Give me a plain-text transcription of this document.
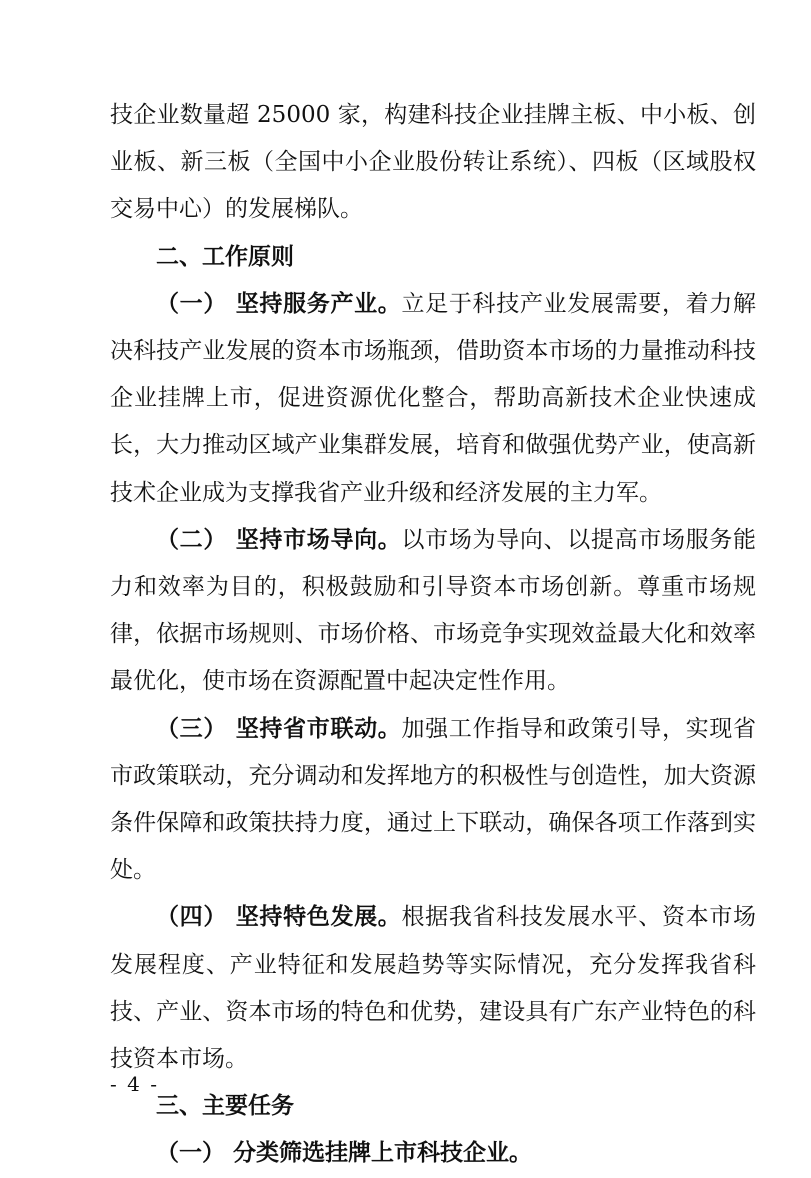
技企业数量超 25000 家，构建科技企业挂牌主板、中小板、创业板、新三板（全国中小企业股份转让系统）、四板（区域股权交易中心）的发展梯队。

二、工作原则

（一） 坚持服务产业。立足于科技产业发展需要，着力解决科技产业发展的资本市场瓶颈，借助资本市场的力量推动科技企业挂牌上市，促进资源优化整合，帮助高新技术企业快速成长，大力推动区域产业集群发展，培育和做强优势产业，使高新技术企业成为支撑我省产业升级和经济发展的主力军。

（二） 坚持市场导向。以市场为导向、以提高市场服务能力和效率为目的，积极鼓励和引导资本市场创新。尊重市场规律，依据市场规则、市场价格、市场竞争实现效益最大化和效率最优化，使市场在资源配置中起决定性作用。

（三） 坚持省市联动。加强工作指导和政策引导，实现省市政策联动，充分调动和发挥地方的积极性与创造性，加大资源条件保障和政策扶持力度，通过上下联动，确保各项工作落到实处。

（四） 坚持特色发展。根据我省科技发展水平、资本市场发展程度、产业特征和发展趋势等实际情况，充分发挥我省科技、产业、资本市场的特色和优势，建设具有广东产业特色的科技资本市场。

三、主要任务

（一） 分类筛选挂牌上市科技企业。

- 4 -
